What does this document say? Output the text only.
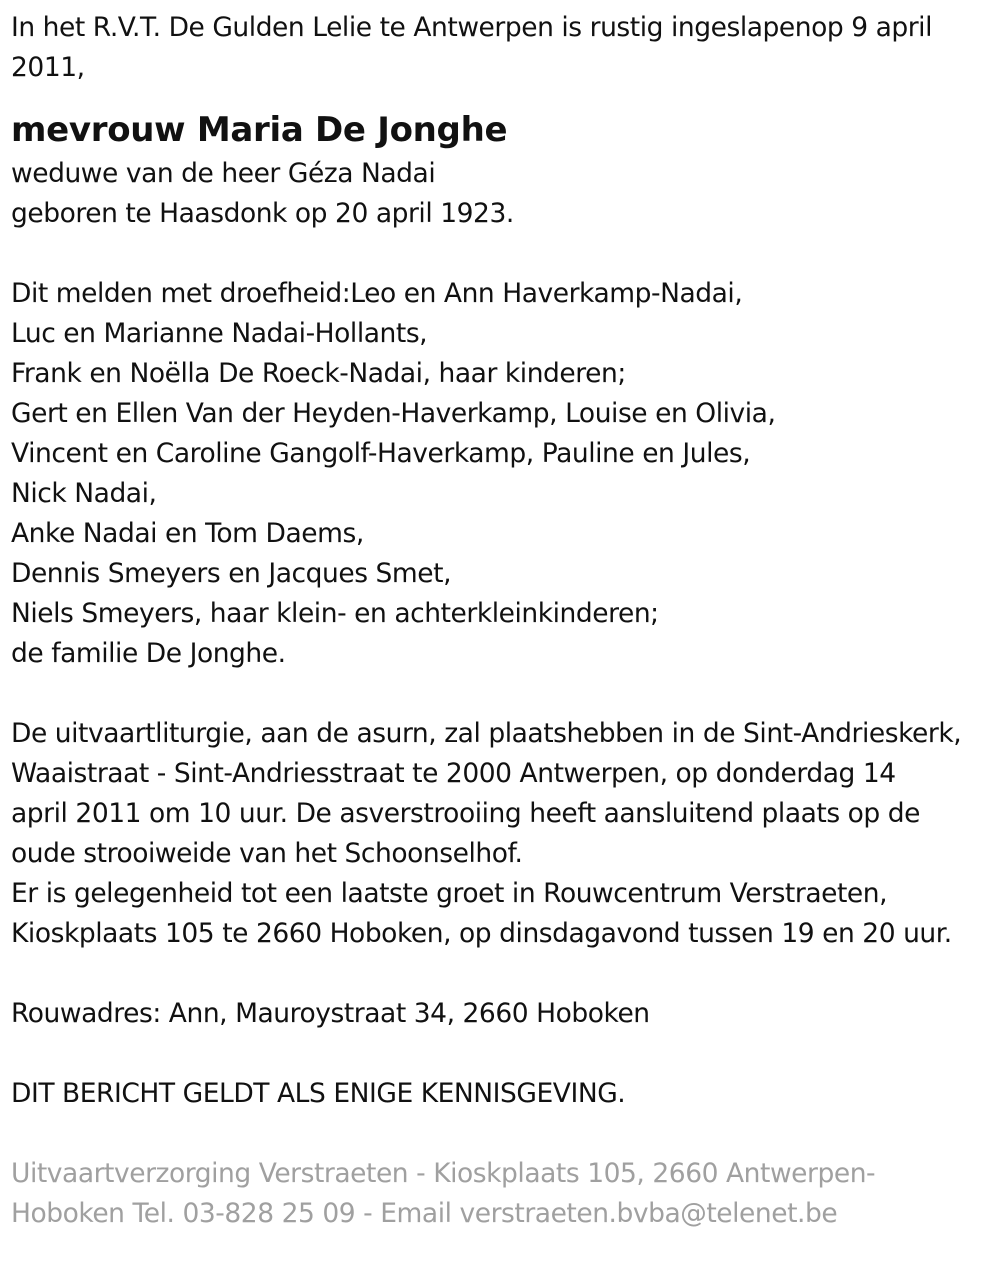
In het R.V.T. De Gulden Lelie te Antwerpen is rustig ingeslapenop 9 april 2011,
mevrouw Maria De Jonghe
weduwe van de heer Géza Nadai
geboren te Haasdonk op 20 april 1923.
Dit melden met droefheid:Leo en Ann Haverkamp-Nadai,
Luc en Marianne Nadai-Hollants,
Frank en Noëlla De Roeck-Nadai, haar kinderen;
Gert en Ellen Van der Heyden-Haverkamp, Louise en Olivia,
Vincent en Caroline Gangolf-Haverkamp, Pauline en Jules,
Nick Nadai,
Anke Nadai en Tom Daems,
Dennis Smeyers en Jacques Smet,
Niels Smeyers, haar klein- en achterkleinkinderen;
de familie De Jonghe.
De uitvaartliturgie, aan de asurn, zal plaatshebben in de Sint-Andrieskerk,
Waaistraat - Sint-Andriesstraat te 2000 Antwerpen, op donderdag 14
april 2011 om 10 uur. De asverstrooiing heeft aansluitend plaats op de
oude strooiweide van het Schoonselhof.
Er is gelegenheid tot een laatste groet in Rouwcentrum Verstraeten,
Kioskplaats 105 te 2660 Hoboken, op dinsdagavond tussen 19 en 20 uur.
Rouwadres: Ann, Mauroystraat 34, 2660 Hoboken
DIT BERICHT GELDT ALS ENIGE KENNISGEVING.
Uitvaartverzorging Verstraeten - Kioskplaats 105, 2660 Antwerpen-
Hoboken Tel. 03-828 25 09 - Email verstraeten.bvba@telenet.be
